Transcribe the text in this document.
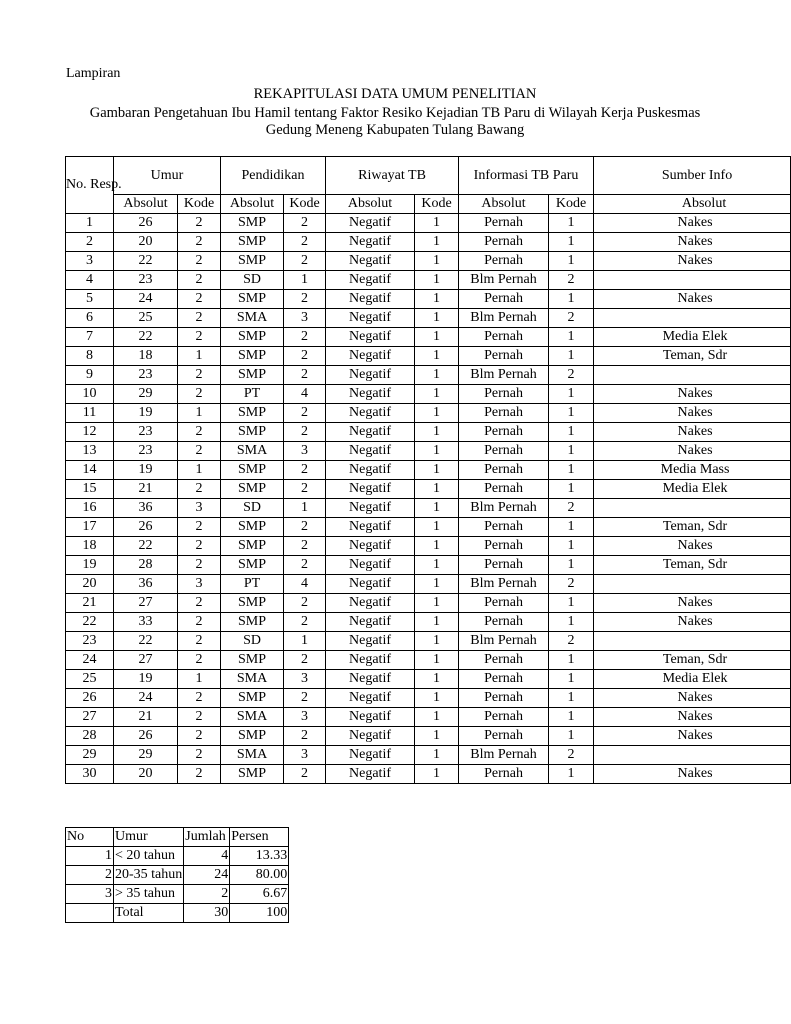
Lampiran
REKAPITULASI DATA UMUM PENELITIAN
Gambaran Pengetahuan Ibu Hamil tentang Faktor Resiko Kejadian TB Paru di Wilayah Kerja Puskesmas
Gedung Meneng Kabupaten Tulang Bawang
No. Resp.	Umur		Pendidikan		Riwayat TB		Informasi TB Paru		Sumber Info
	Absolut	Kode	Absolut	Kode	Absolut	Kode	Absolut	Kode	Absolut
1	26	2	SMP	2	Negatif	1	Pernah	1	Nakes
2	20	2	SMP	2	Negatif	1	Pernah	1	Nakes
3	22	2	SMP	2	Negatif	1	Pernah	1	Nakes
4	23	2	SD	1	Negatif	1	Blm Pernah	2	
5	24	2	SMP	2	Negatif	1	Pernah	1	Nakes
6	25	2	SMA	3	Negatif	1	Blm Pernah	2	
7	22	2	SMP	2	Negatif	1	Pernah	1	Media Elek
8	18	1	SMP	2	Negatif	1	Pernah	1	Teman, Sdr
9	23	2	SMP	2	Negatif	1	Blm Pernah	2	
10	29	2	PT	4	Negatif	1	Pernah	1	Nakes
11	19	1	SMP	2	Negatif	1	Pernah	1	Nakes
12	23	2	SMP	2	Negatif	1	Pernah	1	Nakes
13	23	2	SMA	3	Negatif	1	Pernah	1	Nakes
14	19	1	SMP	2	Negatif	1	Pernah	1	Media Mass
15	21	2	SMP	2	Negatif	1	Pernah	1	Media Elek
16	36	3	SD	1	Negatif	1	Blm Pernah	2	
17	26	2	SMP	2	Negatif	1	Pernah	1	Teman, Sdr
18	22	2	SMP	2	Negatif	1	Pernah	1	Nakes
19	28	2	SMP	2	Negatif	1	Pernah	1	Teman, Sdr
20	36	3	PT	4	Negatif	1	Blm Pernah	2	
21	27	2	SMP	2	Negatif	1	Pernah	1	Nakes
22	33	2	SMP	2	Negatif	1	Pernah	1	Nakes
23	22	2	SD	1	Negatif	1	Blm Pernah	2	
24	27	2	SMP	2	Negatif	1	Pernah	1	Teman, Sdr
25	19	1	SMA	3	Negatif	1	Pernah	1	Media Elek
26	24	2	SMP	2	Negatif	1	Pernah	1	Nakes
27	21	2	SMA	3	Negatif	1	Pernah	1	Nakes
28	26	2	SMP	2	Negatif	1	Pernah	1	Nakes
29	29	2	SMA	3	Negatif	1	Blm Pernah	2	
30	20	2	SMP	2	Negatif	1	Pernah	1	Nakes
No	Umur	Jumlah	Persen
1	< 20 tahun	4	13.33
2	20-35 tahun	24	80.00
3	> 35 tahun	2	6.67
	Total	30	100
